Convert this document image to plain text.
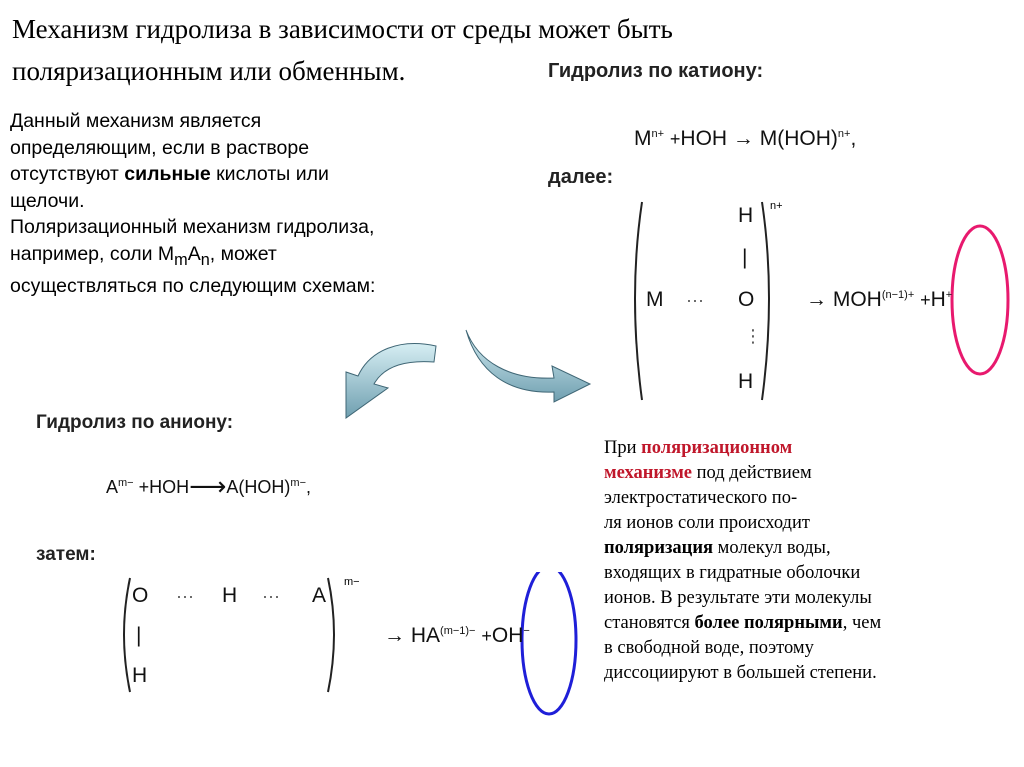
Механизм гидролиза в зависимости от среды может быть
поляризационным или обменным.
Данный механизм является
определяющим, если в растворе
отсутствуют сильные кислоты или
щелочи.
Поляризационный механизм гидролиза,
например, соли $M_mA_n$, может
осуществляться по следующим схемам:
Гидролиз по катиону:
$M^{n+} +HOH \to M(HOH)^{n+}$,
далее:
H n+
|
M ··· O
⋮
H
→ $MOH^{(n-1)+} +H^+$
Гидролиз по аниону:
$A^{m-}$ +HOH⟶A(HOH)$^{m-}$,
затем:
O ··· H ··· A
m−
|
H
→ $HA^{(m-1)-} +OH^-$
При поляризационном
механизме под действием
электростатического по-
ля ионов соли происходит
поляризация молекул воды,
входящих в гидратные оболочки
ионов. В результате эти молекулы
становятся более полярными, чем
в свободной воде, поэтому
диссоциируют в большей степени.
